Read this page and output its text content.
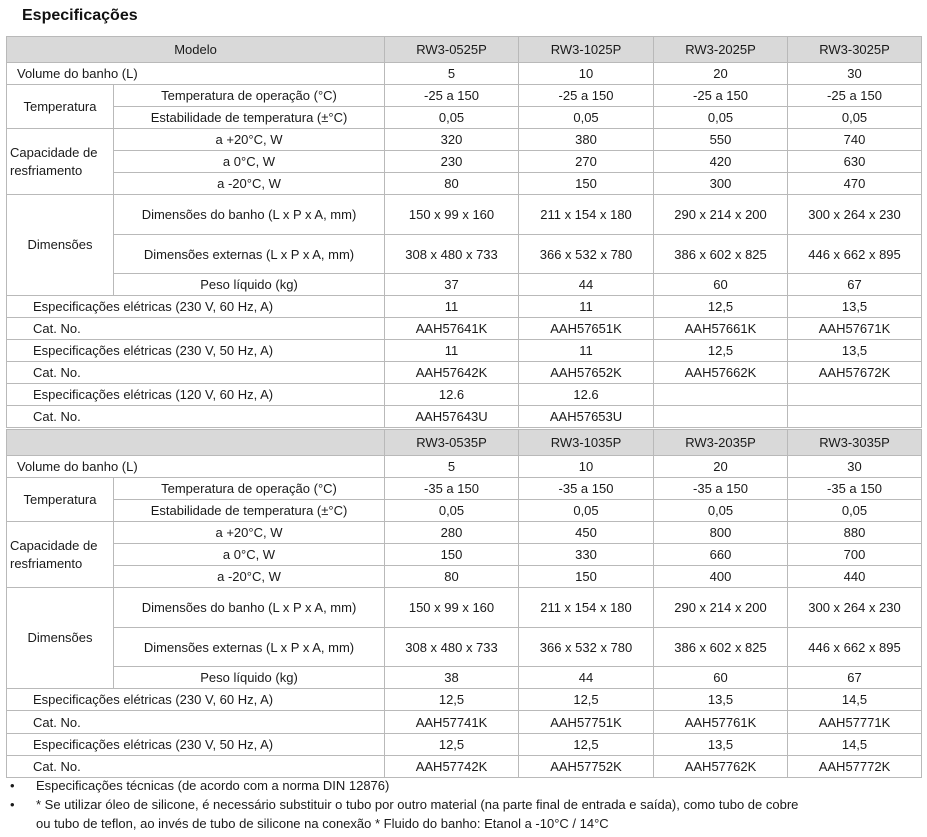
Especificações
Modelo		RW3-0525P	RW3-1025P	RW3-2025P	RW3-3025P
Volume do banho (L)		5	10	20	30
Temperatura	Temperatura de operação (°C)	-25 a 150	-25 a 150	-25 a 150	-25 a 150
	Estabilidade de temperatura (±°C)	0,05	0,05	0,05	0,05
Capacidade de resfriamento	a +20°C, W	320	380	550	740
	a 0°C, W	230	270	420	630
	a -20°C, W	80	150	300	470
Dimensões	Dimensões do banho (L x P x A, mm)	150 x 99 x 160	211 x 154 x 180	290 x 214 x 200	300 x 264 x 230
	Dimensões externas (L x P x A, mm)	308 x 480 x 733	366 x 532 x 780	386 x 602 x 825	446 x 662 x 895
	Peso líquido (kg)	37	44	60	67
Especificações elétricas (230 V, 60 Hz, A)		11	11	12,5	13,5
Cat. No.		AAH57641K	AAH57651K	AAH57661K	AAH57671K
Especificações elétricas (230 V, 50 Hz, A)		11	11	12,5	13,5
Cat. No.		AAH57642K	AAH57652K	AAH57662K	AAH57672K
Especificações elétricas (120 V, 60 Hz, A)		12.6	12.6		
Cat. No.		AAH57643U	AAH57653U		
		RW3-0535P	RW3-1035P	RW3-2035P	RW3-3035P
Volume do banho (L)		5	10	20	30
Temperatura	Temperatura de operação (°C)	-35 a 150	-35 a 150	-35 a 150	-35 a 150
	Estabilidade de temperatura (±°C)	0,05	0,05	0,05	0,05
Capacidade de resfriamento	a +20°C, W	280	450	800	880
	a 0°C, W	150	330	660	700
	a -20°C, W	80	150	400	440
Dimensões	Dimensões do banho (L x P x A, mm)	150 x 99 x 160	211 x 154 x 180	290 x 214 x 200	300 x 264 x 230
	Dimensões externas (L x P x A, mm)	308 x 480 x 733	366 x 532 x 780	386 x 602 x 825	446 x 662 x 895
	Peso líquido (kg)	38	44	60	67
Especificações elétricas (230 V, 60 Hz, A)		12,5	12,5	13,5	14,5
Cat. No.		AAH57741K	AAH57751K	AAH57761K	AAH57771K
Especificações elétricas (230 V, 50 Hz, A)		12,5	12,5	13,5	14,5
Cat. No.		AAH57742K	AAH57752K	AAH57762K	AAH57772K
• Especificações técnicas (de acordo com a norma DIN 12876)
• * Se utilizar óleo de silicone, é necessário substituir o tubo por outro material (na parte final de entrada e saída), como tubo de cobre
ou tubo de teflon, ao invés de tubo de silicone na conexão * Fluido do banho: Etanol a -10°C / 14°C
